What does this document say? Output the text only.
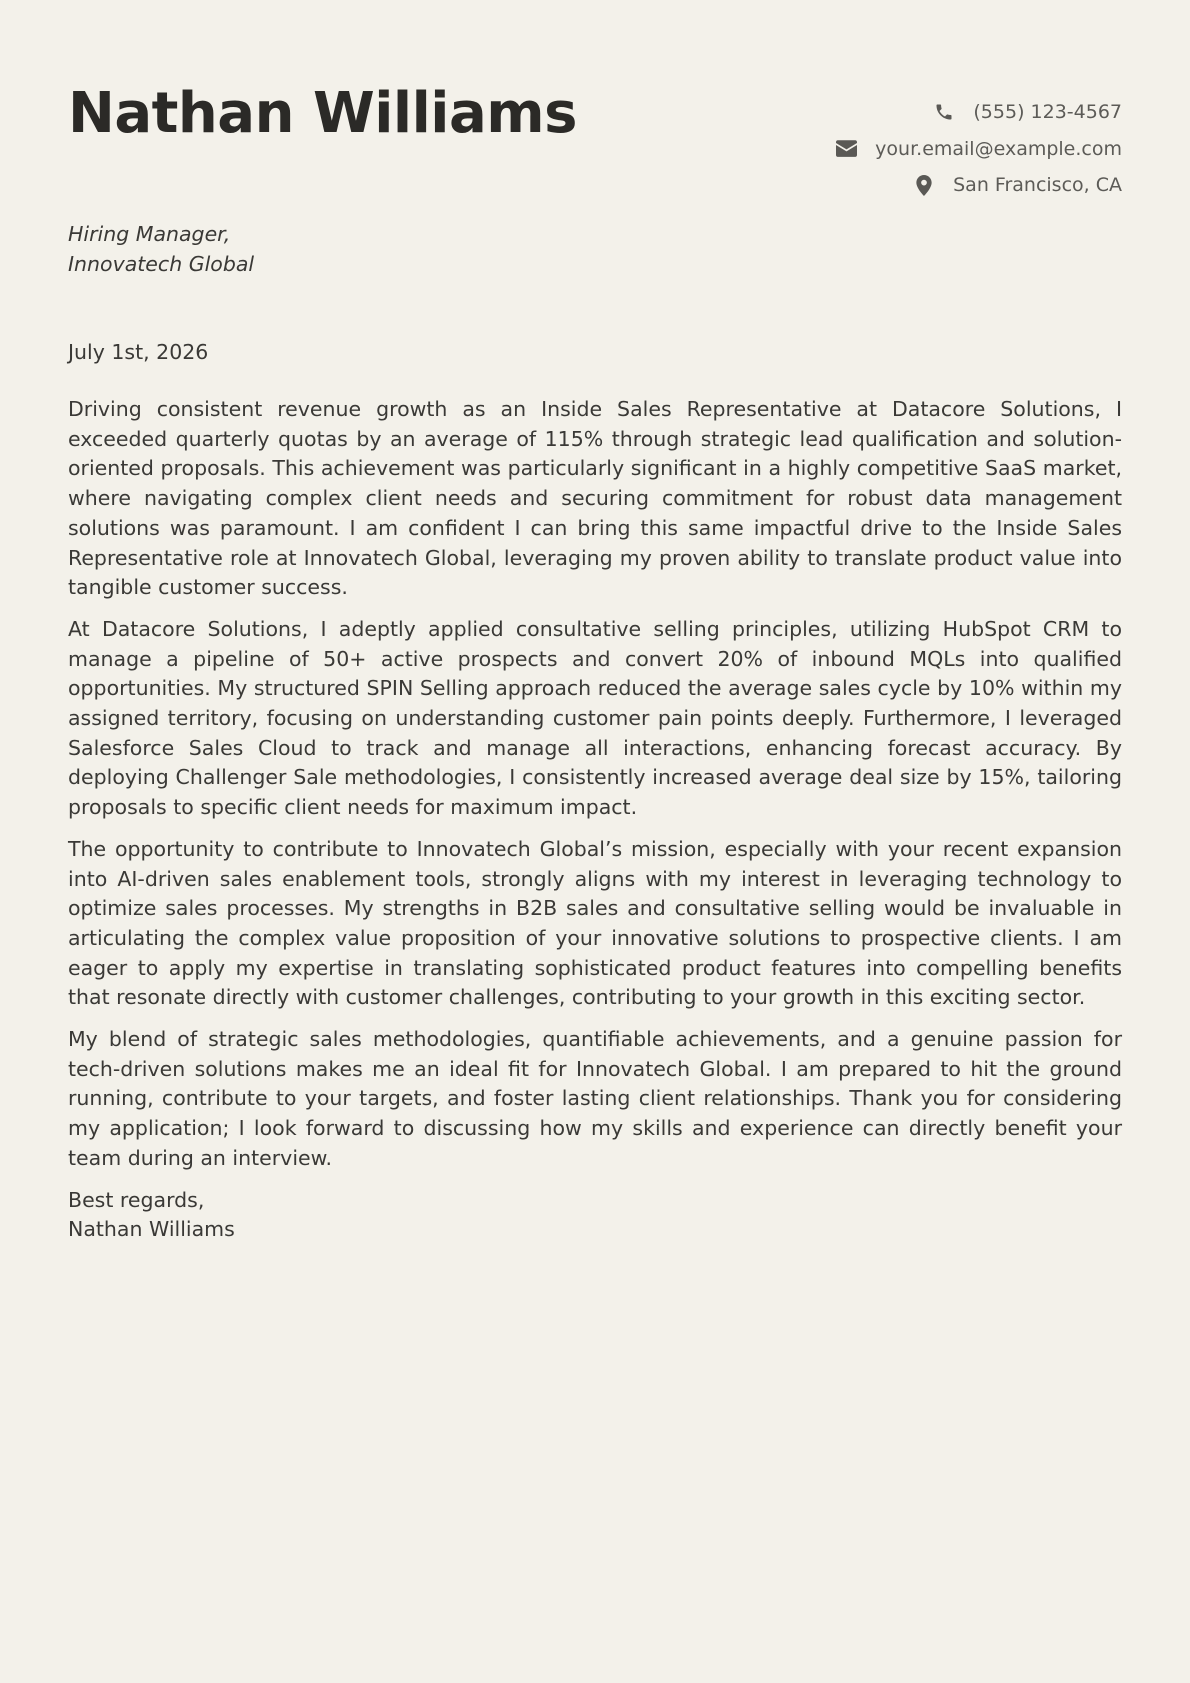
Nathan Williams	(555) 123-4567
your.email@example.com
San Francisco, CA
Hiring Manager,
Innovatech Global
July 1st, 2026

Driving consistent revenue growth as an Inside Sales Representative at Datacore Solutions, I exceeded quarterly quotas by an average of 115% through strategic lead qualification and solution-oriented proposals. This achievement was particularly significant in a highly competitive SaaS market, where navigating complex client needs and securing commitment for robust data management solutions was paramount. I am confident I can bring this same impactful drive to the Inside Sales Representative role at Innovatech Global, leveraging my proven ability to translate product value into tangible customer success.

At Datacore Solutions, I adeptly applied consultative selling principles, utilizing HubSpot CRM to manage a pipeline of 50+ active prospects and convert 20% of inbound MQLs into qualified opportunities. My structured SPIN Selling approach reduced the average sales cycle by 10% within my assigned territory, focusing on understanding customer pain points deeply. Furthermore, I leveraged Salesforce Sales Cloud to track and manage all interactions, enhancing forecast accuracy. By deploying Challenger Sale methodologies, I consistently increased average deal size by 15%, tailoring proposals to specific client needs for maximum impact.

The opportunity to contribute to Innovatech Global’s mission, especially with your recent expansion into AI-driven sales enablement tools, strongly aligns with my interest in leveraging technology to optimize sales processes. My strengths in B2B sales and consultative selling would be invaluable in articulating the complex value proposition of your innovative solutions to prospective clients. I am eager to apply my expertise in translating sophisticated product features into compelling benefits that resonate directly with customer challenges, contributing to your growth in this exciting sector.

My blend of strategic sales methodologies, quantifiable achievements, and a genuine passion for tech-driven solutions makes me an ideal fit for Innovatech Global. I am prepared to hit the ground running, contribute to your targets, and foster lasting client relationships. Thank you for considering my application; I look forward to discussing how my skills and experience can directly benefit your team during an interview.

Best regards,
Nathan Williams
